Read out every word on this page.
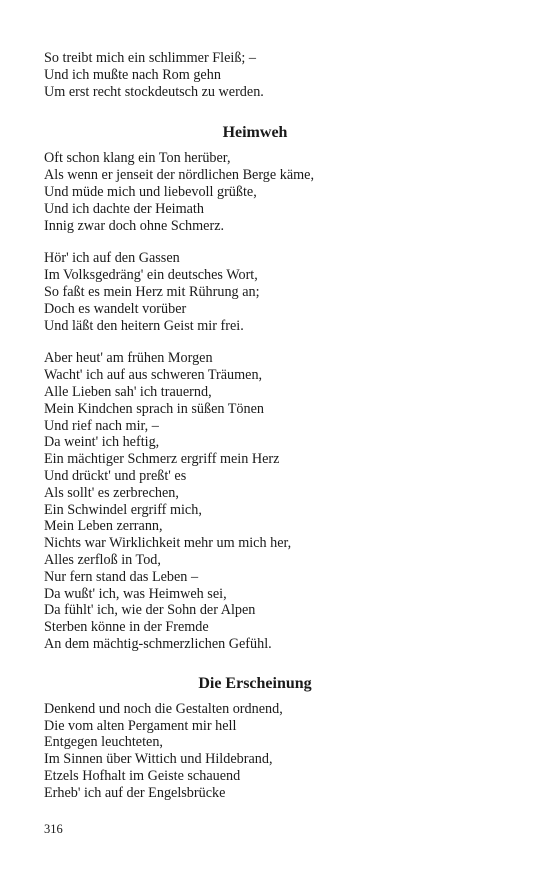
So treibt mich ein schlimmer Fleiß; –
Und ich mußte nach Rom gehn
Um erst recht stockdeutsch zu werden.
Heimweh
Oft schon klang ein Ton herüber,
Als wenn er jenseit der nördlichen Berge käme,
Und müde mich und liebevoll grüßte,
Und ich dachte der Heimath
Innig zwar doch ohne Schmerz.
Hör' ich auf den Gassen
Im Volksgedräng' ein deutsches Wort,
So faßt es mein Herz mit Rührung an;
Doch es wandelt vorüber
Und läßt den heitern Geist mir frei.
Aber heut' am frühen Morgen
Wacht' ich auf aus schweren Träumen,
Alle Lieben sah' ich trauernd,
Mein Kindchen sprach in süßen Tönen
Und rief nach mir, –
Da weint' ich heftig,
Ein mächtiger Schmerz ergriff mein Herz
Und drückt' und preßt' es
Als sollt' es zerbrechen,
Ein Schwindel ergriff mich,
Mein Leben zerrann,
Nichts war Wirklichkeit mehr um mich her,
Alles zerfloß in Tod,
Nur fern stand das Leben –
Da wußt' ich, was Heimweh sei,
Da fühlt' ich, wie der Sohn der Alpen
Sterben könne in der Fremde
An dem mächtig-schmerzlichen Gefühl.
Die Erscheinung
Denkend und noch die Gestalten ordnend,
Die vom alten Pergament mir hell
Entgegen leuchteten,
Im Sinnen über Wittich und Hildebrand,
Etzels Hofhalt im Geiste schauend
Erheb' ich auf der Engelsbrücke
316
